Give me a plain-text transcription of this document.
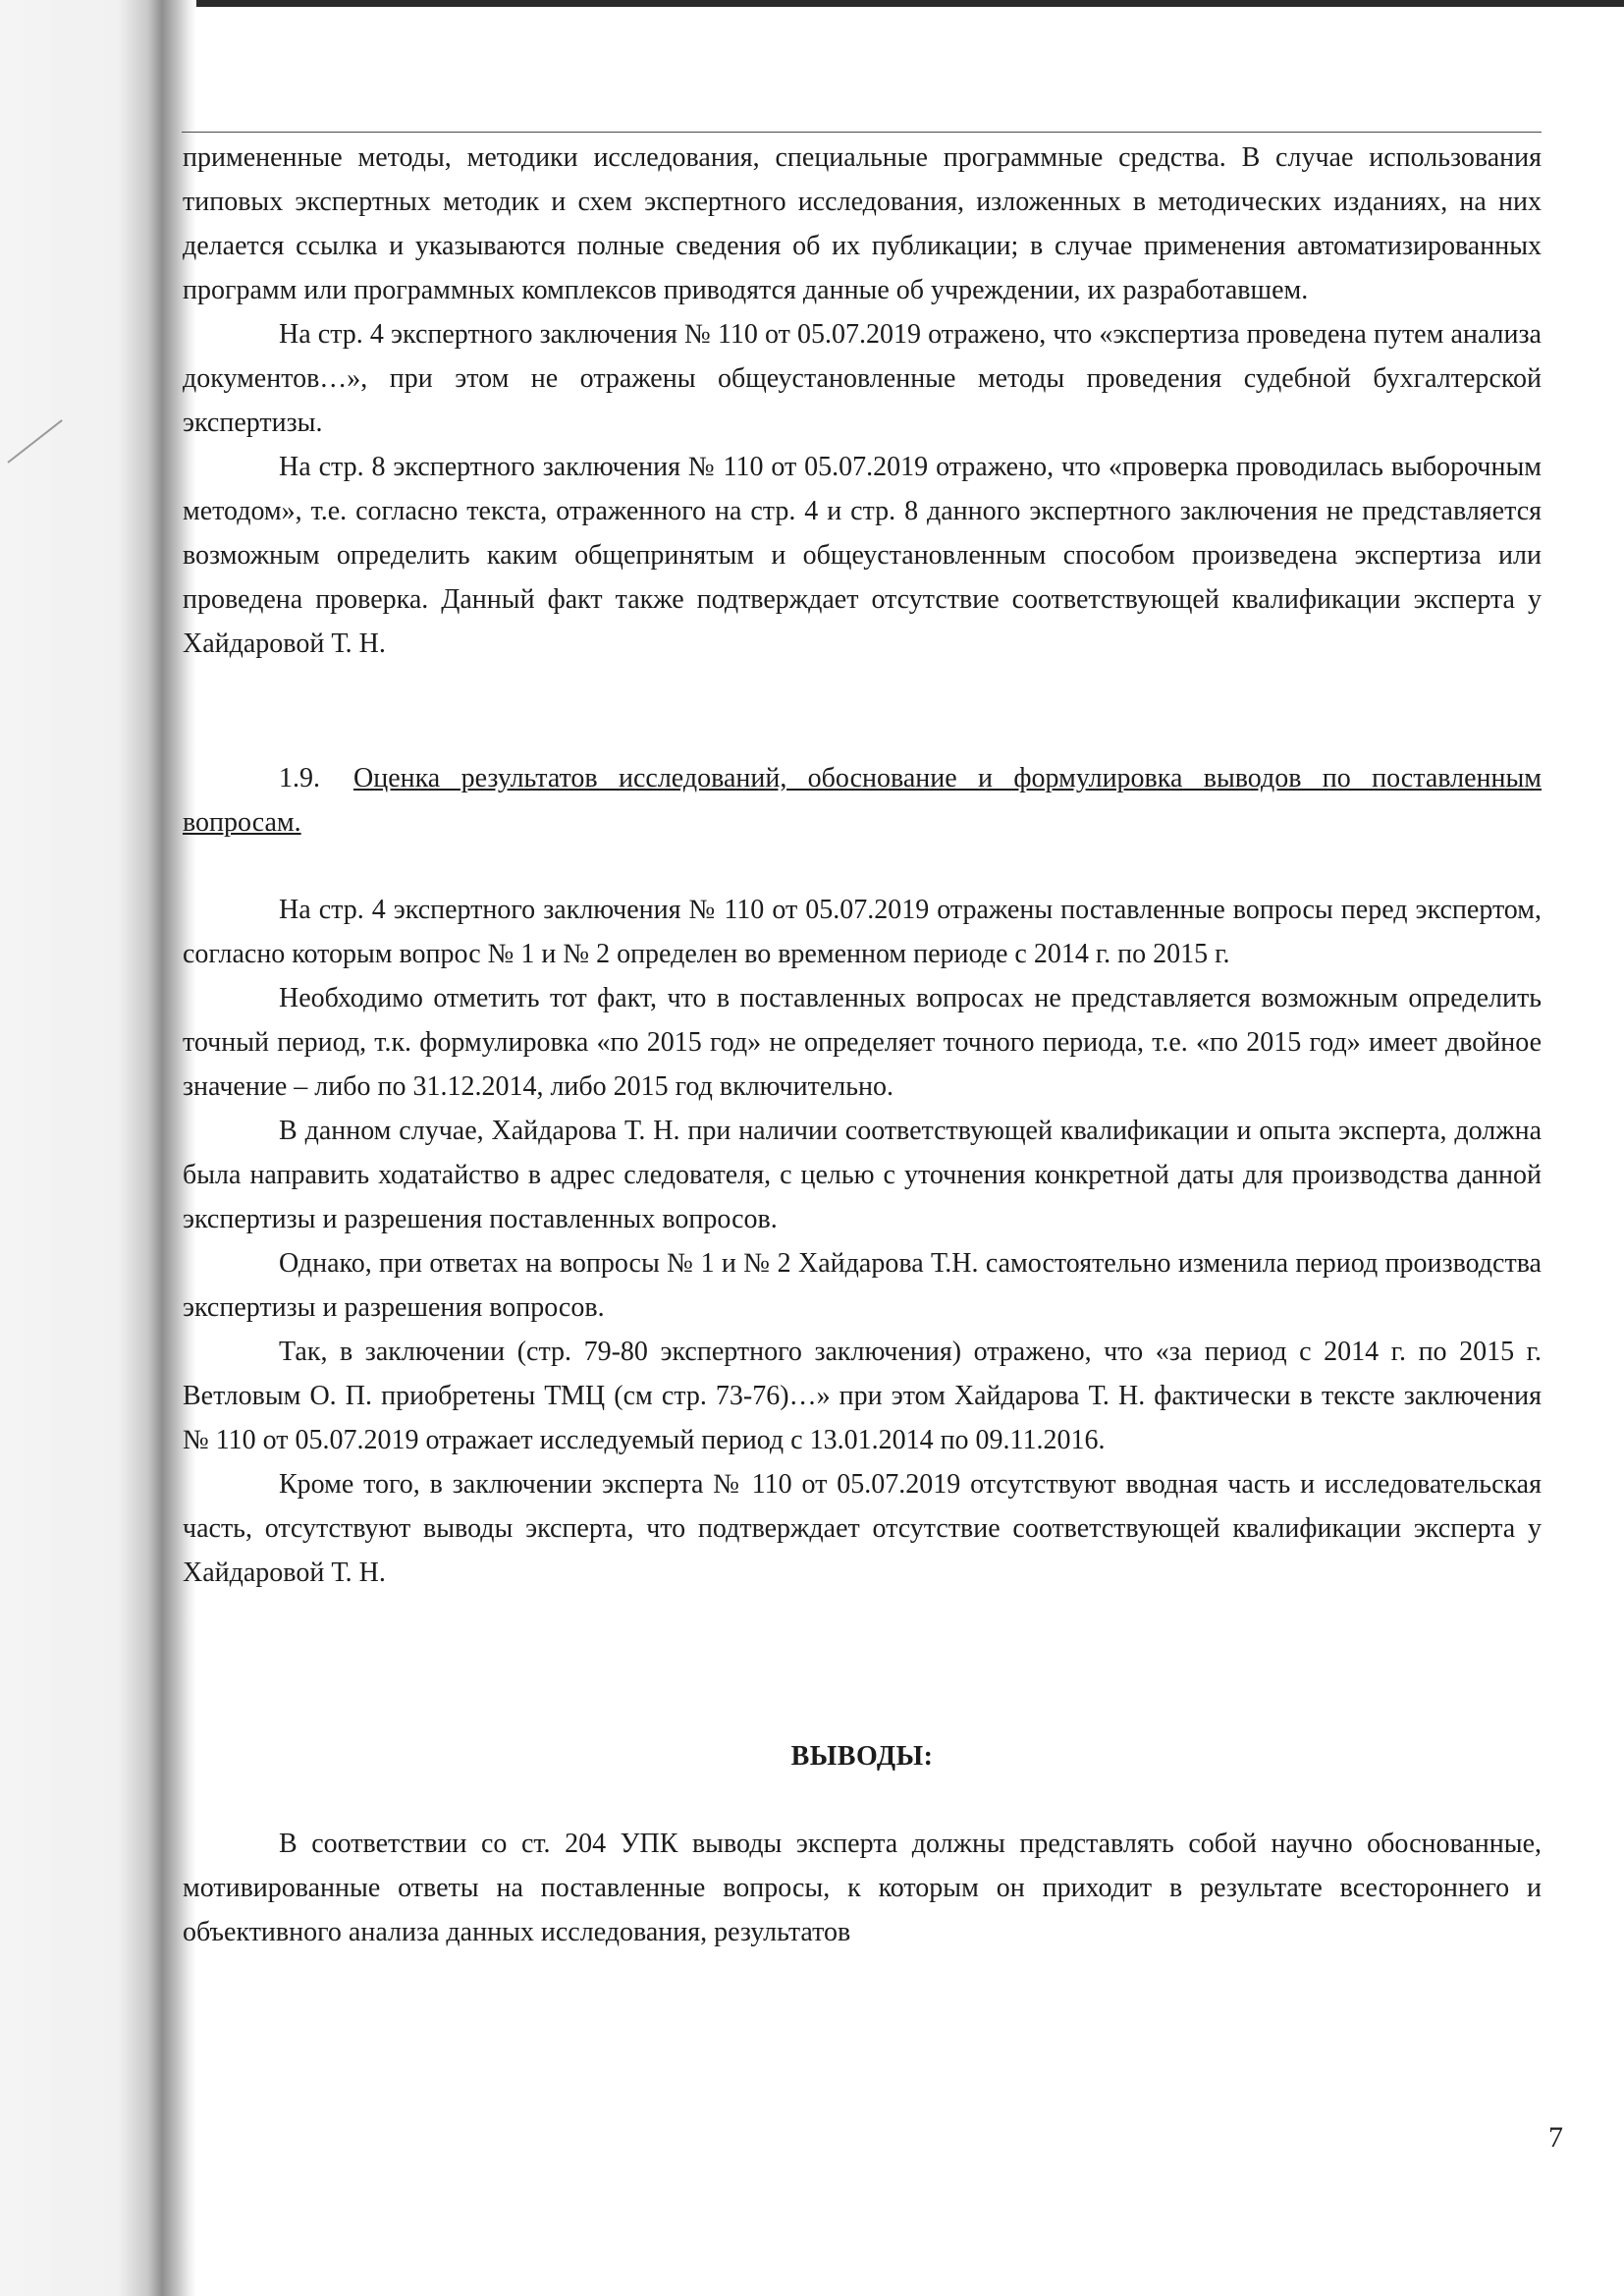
примененные методы, методики исследования, специальные программные средства. В случае использования типовых экспертных методик и схем экспертного исследования, изложенных в методических изданиях, на них делается ссылка и указываются полные сведения об их публикации; в случае применения автоматизированных программ или программных комплексов приводятся данные об учреждении, их разработавшем.

На стр. 4 экспертного заключения № 110 от 05.07.2019 отражено, что «экспертиза проведена путем анализа документов…», при этом не отражены общеустановленные методы проведения судебной бухгалтерской экспертизы.

На стр. 8 экспертного заключения № 110 от 05.07.2019 отражено, что «проверка проводилась выборочным методом», т.е. согласно текста, отраженного на стр. 4 и стр. 8 данного экспертного заключения не представляется возможным определить каким общепринятым и общеустановленным способом произведена экспертиза или проведена проверка. Данный факт также подтверждает отсутствие соответствующей квалификации эксперта у Хайдаровой Т. Н.

1.9. Оценка результатов исследований, обоснование и формулировка выводов по поставленным вопросам.

На стр. 4 экспертного заключения № 110 от 05.07.2019 отражены поставленные вопросы перед экспертом, согласно которым вопрос № 1 и № 2 определен во временном периоде с 2014 г. по 2015 г.

Необходимо отметить тот факт, что в поставленных вопросах не представляется возможным определить точный период, т.к. формулировка «по 2015 год» не определяет точного периода, т.е. «по 2015 год» имеет двойное значение – либо по 31.12.2014, либо 2015 год включительно.

В данном случае, Хайдарова Т. Н. при наличии соответствующей квалификации и опыта эксперта, должна была направить ходатайство в адрес следователя, с целью с уточнения конкретной даты для производства данной экспертизы и разрешения поставленных вопросов.

Однако, при ответах на вопросы № 1 и № 2 Хайдарова Т.Н. самостоятельно изменила период производства экспертизы и разрешения вопросов.

Так, в заключении (стр. 79-80 экспертного заключения) отражено, что «за период с 2014 г. по 2015 г. Ветловым О. П. приобретены ТМЦ (см стр. 73-76)…» при этом Хайдарова Т. Н. фактически в тексте заключения № 110 от 05.07.2019 отражает исследуемый период с 13.01.2014 по 09.11.2016.

Кроме того, в заключении эксперта № 110 от 05.07.2019 отсутствуют вводная часть и исследовательская часть, отсутствуют выводы эксперта, что подтверждает отсутствие соответствующей квалификации эксперта у Хайдаровой Т. Н.

ВЫВОДЫ:

В соответствии со ст. 204 УПК выводы эксперта должны представлять собой научно обоснованные, мотивированные ответы на поставленные вопросы, к которым он приходит в результате всестороннего и объективного анализа данных исследования, результатов

7
